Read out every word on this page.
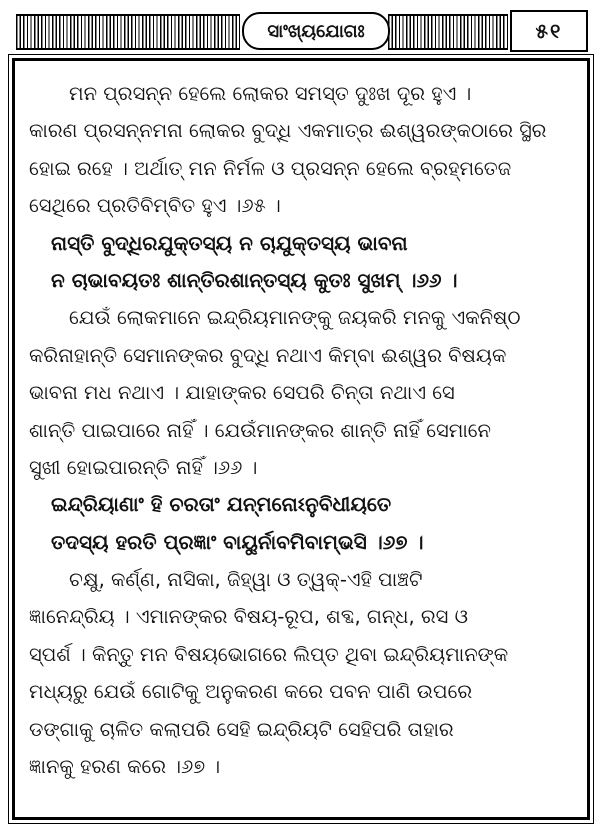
ସାଂଖ୍ୟଯୋଗଃ	୫୧
ମନ ପ୍ରସନ୍ନ ହେଲେ ଲୋକର ସମସ୍ତ ଦୁଃଖ ଦୂର ହୁଏ ।
କାରଣ ପ୍ରସନ୍ନମନା ଲୋକର ବୁଦ୍ଧି ଏକମାତ୍ର ଈଶ୍ୱରଙ୍କଠାରେ ସ୍ଥିର
ହୋଇ ରହେ । ଅର୍ଥାତ୍ ମନ ନିର୍ମଳ ଓ ପ୍ରସନ୍ନ ହେଲେ ବ୍ରହ୍ମତେଜ
ସେଥିରେ ପ୍ରତିବିମ୍ବିତ ହୁଏ ।୬୫ ।
ନାସ୍ତି ବୁଦ୍ଧିରଯୁକ୍ତସ୍ୟ ନ ଚାଯୁକ୍ତସ୍ୟ ଭାବନା
ନ ଚାଭାବୟତଃ ଶାନ୍ତିରଶାନ୍ତସ୍ୟ କୁତଃ ସୁଖମ୍ ।୬୬ ।
ଯେଉଁ ଲୋକମାନେ ଇନ୍ଦ୍ରିୟମାନଙ୍କୁ ଜୟକରି ମନକୁ ଏକନିଷ୍ଠ
କରିନାହାନ୍ତି ସେମାନଙ୍କର ବୁଦ୍ଧି ନଥାଏ କିମ୍ବା ଈଶ୍ୱର ବିଷୟକ
ଭାବନା ମଧ ନଥାଏ । ଯାହାଙ୍କର ସେପରି ଚିନ୍ତା ନଥାଏ ସେ
ଶାନ୍ତି ପାଇପାରେ ନାହିଁ । ଯେଉଁମାନଙ୍କର ଶାନ୍ତି ନାହିଁ ସେମାନେ
ସୁଖୀ ହୋଇପାରନ୍ତି ନାହିଁ ।୬୬ ।
ଇନ୍ଦ୍ରିୟାଣାଂ ହି ଚରତାଂ ଯନ୍ମନୋଽନୁବିଧୀୟତେ
ତଦସ୍ୟ ହରତି ପ୍ରଜ୍ଞାଂ ବାୟୁର୍ନାବମିବାମ୍ଭସି ।୬୭ ।
ଚକ୍ଷୁ, କର୍ଣ୍ଣ, ନାସିକା, ଜିହ୍ୱା ଓ ତ୍ୱକ୍-ଏହି ପାଞ୍ଚଟି
ଜ୍ଞାନେନ୍ଦ୍ରିୟ । ଏମାନଙ୍କର ବିଷୟ-ରୂପ, ଶବ୍ଦ, ଗନ୍ଧ, ରସ ଓ
ସ୍ପର୍ଶ । କିନ୍ତୁ ମନ ବିଷୟଭୋଗରେ ଲିପ୍ତ ଥିବା ଇନ୍ଦ୍ରିୟମାନଙ୍କ
ମଧ୍ୟରୁ ଯେଉଁ ଗୋଟିକୁ ଅନୁକରଣ କରେ ପବନ ପାଣି ଉପରେ
ଡଙ୍ଗାକୁ ଚାଳିତ କଲାପରି ସେହି ଇନ୍ଦ୍ରିୟଟି ସେହିପରି ତାହାର
ଜ୍ଞାନକୁ ହରଣ କରେ ।୬୭ ।
